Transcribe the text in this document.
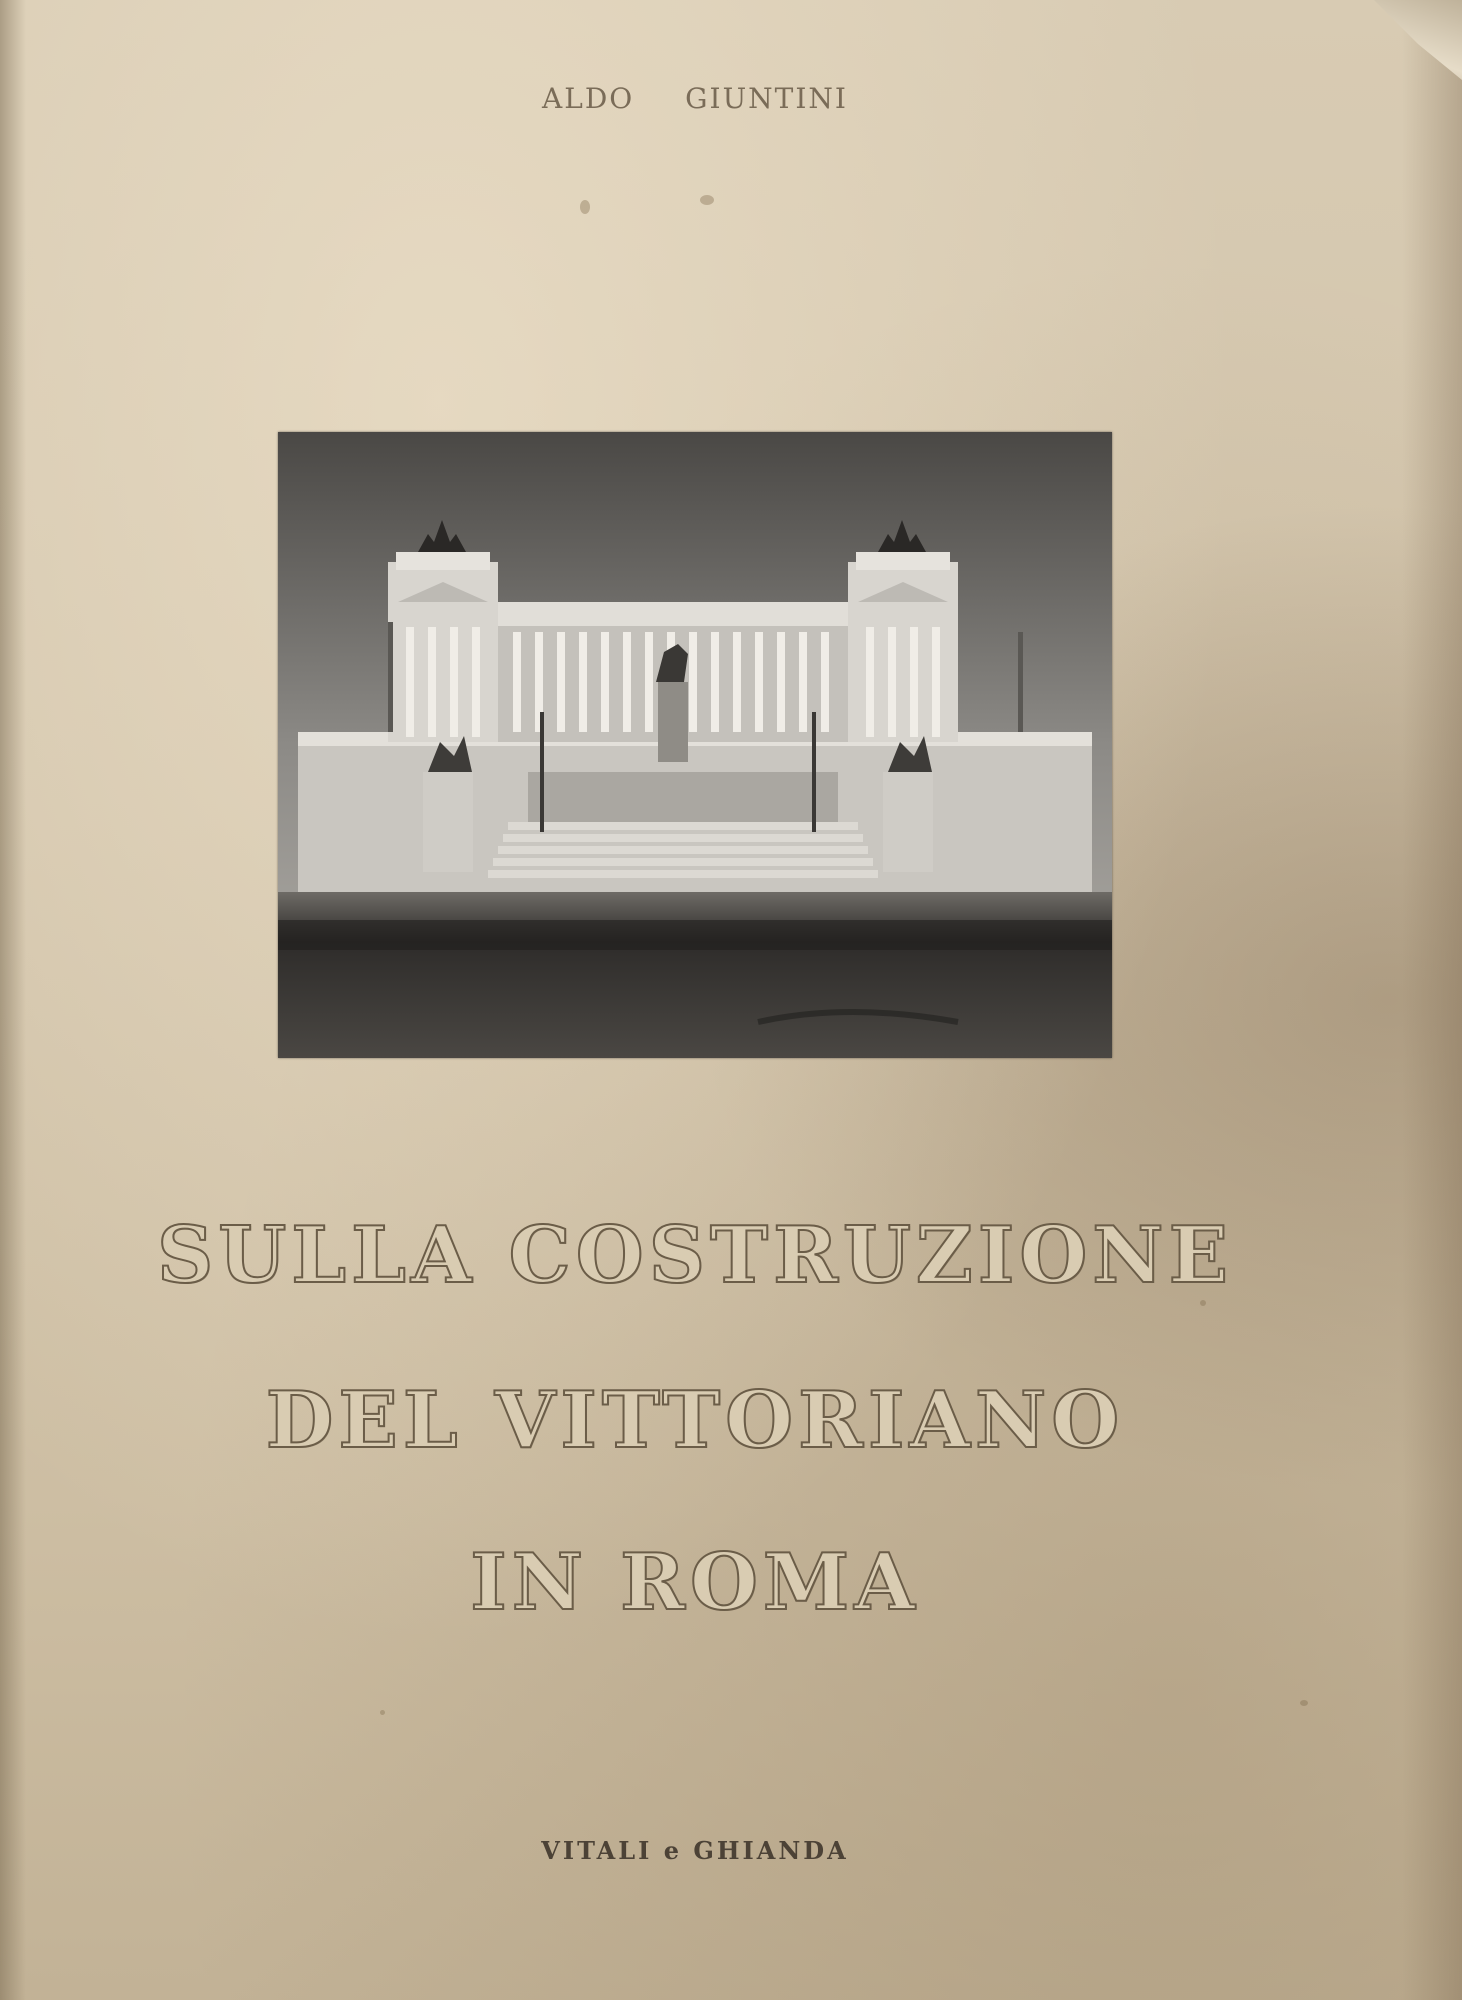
ALDO GIUNTINI
SULLA COSTRUZIONE
DEL VITTORIANO
IN ROMA
VITALI e GHIANDA
